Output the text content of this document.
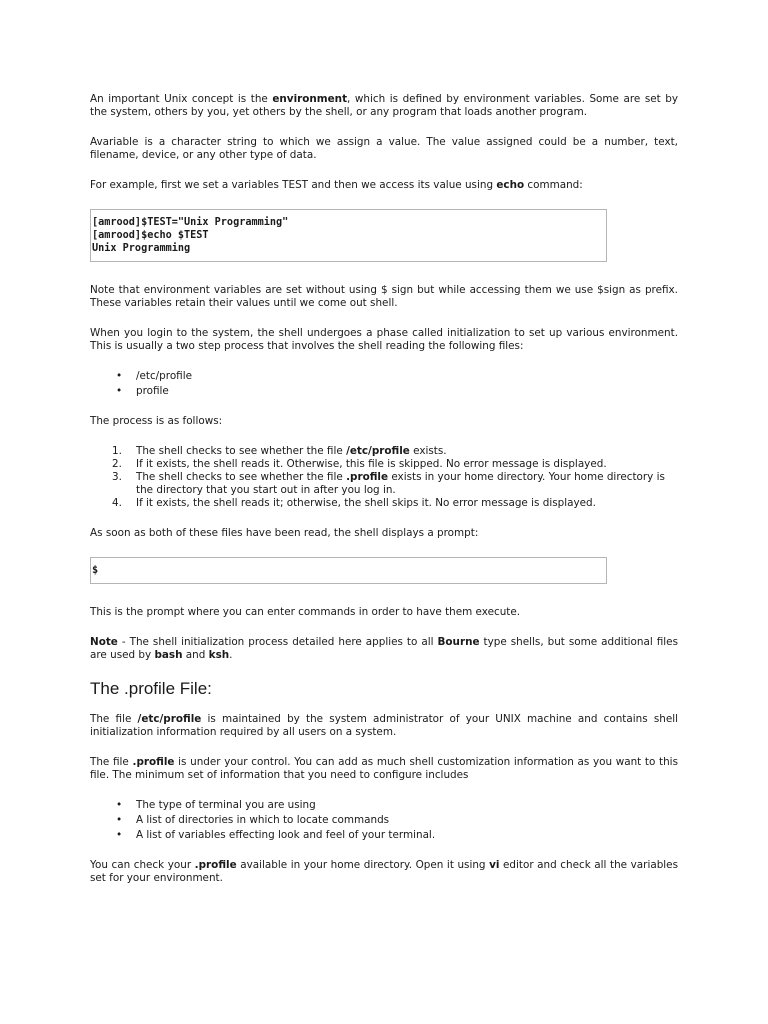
An important Unix concept is the environment, which is defined by environment variables. Some are set by the system, others by you, yet others by the shell, or any program that loads another program.

Avariable is a character string to which we assign a value. The value assigned could be a number, text, filename, device, or any other type of data.

For example, first we set a variables TEST and then we access its value using echo command:

[amrood]$TEST="Unix Programming"
[amrood]$echo $TEST
Unix Programming

Note that environment variables are set without using $ sign but while accessing them we use $sign as prefix. These variables retain their values until we come out shell.

When you login to the system, the shell undergoes a phase called initialization to set up various environment. This is usually a two step process that involves the shell reading the following files:

• /etc/profile
• profile

The process is as follows:

1. The shell checks to see whether the file /etc/profile exists.
2. If it exists, the shell reads it. Otherwise, this file is skipped. No error message is displayed.
3. The shell checks to see whether the file .profile exists in your home directory. Your home directory is the directory that you start out in after you log in.
4. If it exists, the shell reads it; otherwise, the shell skips it. No error message is displayed.

As soon as both of these files have been read, the shell displays a prompt:

$

This is the prompt where you can enter commands in order to have them execute.

Note - The shell initialization process detailed here applies to all Bourne type shells, but some additional files are used by bash and ksh.

The .profile File:

The file /etc/profile is maintained by the system administrator of your UNIX machine and contains shell initialization information required by all users on a system.

The file .profile is under your control. You can add as much shell customization information as you want to this file. The minimum set of information that you need to configure includes

• The type of terminal you are using
• A list of directories in which to locate commands
• A list of variables effecting look and feel of your terminal.

You can check your .profile available in your home directory. Open it using vi editor and check all the variables set for your environment.
